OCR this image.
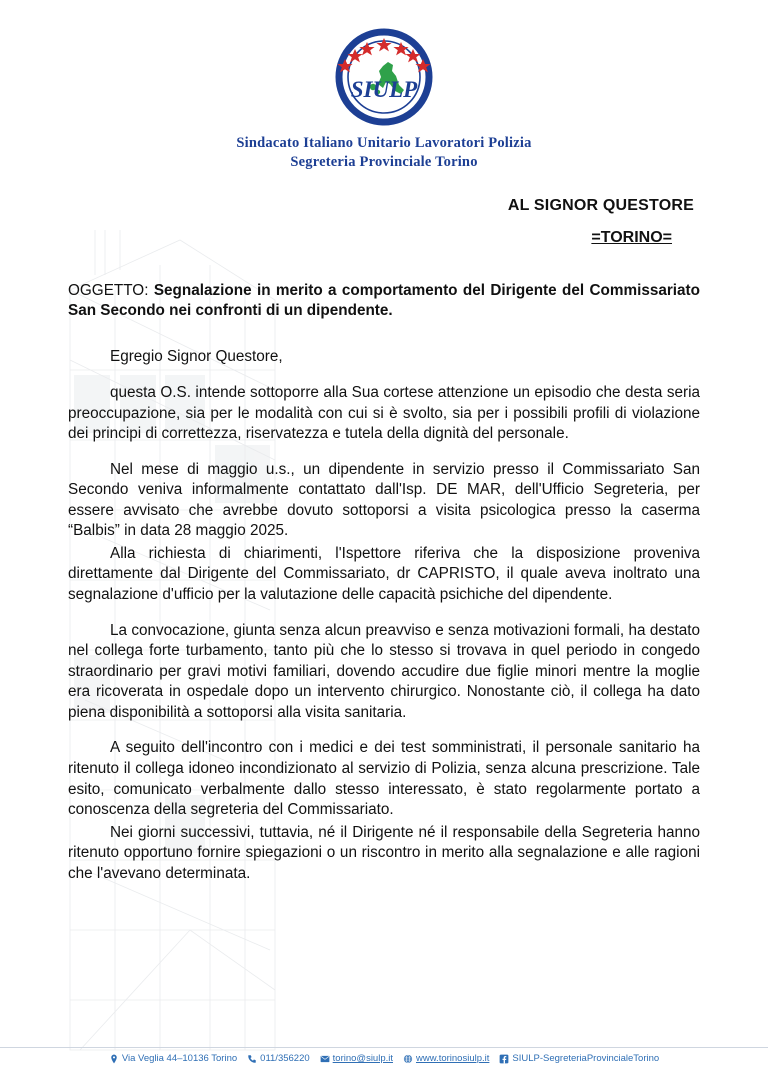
SIULP
Sindacato Italiano Unitario Lavoratori Polizia
Segreteria Provinciale Torino
AL SIGNOR QUESTORE
=TORINO=
OGGETTO: Segnalazione in merito a comportamento del Dirigente del Commissariato San Secondo nei confronti di un dipendente.

Egregio Signor Questore,

questa O.S. intende sottoporre alla Sua cortese attenzione un episodio che desta seria preoccupazione, sia per le modalità con cui si è svolto, sia per i possibili profili di violazione dei principi di correttezza, riservatezza e tutela della dignità del personale.

Nel mese di maggio u.s., un dipendente in servizio presso il Commissariato San Secondo veniva informalmente contattato dall'Isp. DE MAR, dell'Ufficio Segreteria, per essere avvisato che avrebbe dovuto sottoporsi a visita psicologica presso la caserma “Balbis” in data 28 maggio 2025.

Alla richiesta di chiarimenti, l'Ispettore riferiva che la disposizione proveniva direttamente dal Dirigente del Commissariato, dr CAPRISTO, il quale aveva inoltrato una segnalazione d'ufficio per la valutazione delle capacità psichiche del dipendente.

La convocazione, giunta senza alcun preavviso e senza motivazioni formali, ha destato nel collega forte turbamento, tanto più che lo stesso si trovava in quel periodo in congedo straordinario per gravi motivi familiari, dovendo accudire due figlie minori mentre la moglie era ricoverata in ospedale dopo un intervento chirurgico. Nonostante ciò, il collega ha dato piena disponibilità a sottoporsi alla visita sanitaria.

A seguito dell'incontro con i medici e dei test somministrati, il personale sanitario ha ritenuto il collega idoneo incondizionato al servizio di Polizia, senza alcuna prescrizione. Tale esito, comunicato verbalmente dallo stesso interessato, è stato regolarmente portato a conoscenza della segreteria del Commissariato.

Nei giorni successivi, tuttavia, né il Dirigente né il responsabile della Segreteria hanno ritenuto opportuno fornire spiegazioni o un riscontro in merito alla segnalazione e alle ragioni che l'avevano determinata.

Via Veglia 44–10136 Torino 011/356220 torino@siulp.it www.torinosiulp.it SIULP-SegreteriaProvincialeTorino
